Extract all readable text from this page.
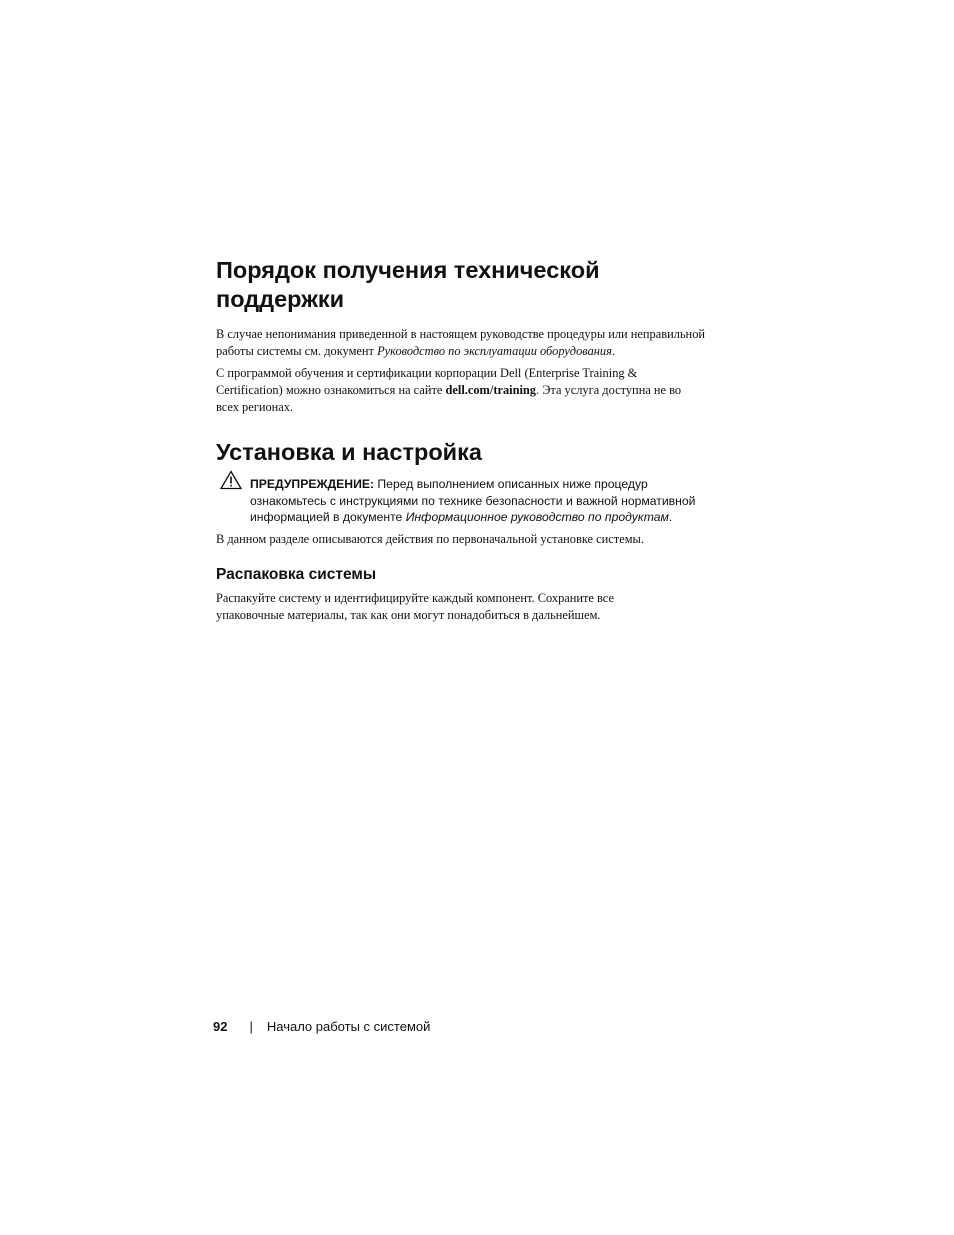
Порядок получения технической
поддержки

В случае непонимания приведенной в настоящем руководстве процедуры или неправильной работы системы см. документ Руководство по эксплуатации оборудования.

С программой обучения и сертификации корпорации Dell (Enterprise Training & Certification) можно ознакомиться на сайте dell.com/training. Эта услуга доступна не во всех регионах.

Установка и настройка
ПРЕДУПРЕЖДЕНИЕ: Перед выполнением описанных ниже процедур ознакомьтесь с инструкциями по технике безопасности и важной нормативной информацией в документе Информационное руководство по продуктам.

В данном разделе описываются действия по первоначальной установке системы.

Распаковка системы

Распакуйте систему и идентифицируйте каждый компонент. Сохраните все упаковочные материалы, так как они могут понадобиться в дальнейшем.

92 | Начало работы с системой
